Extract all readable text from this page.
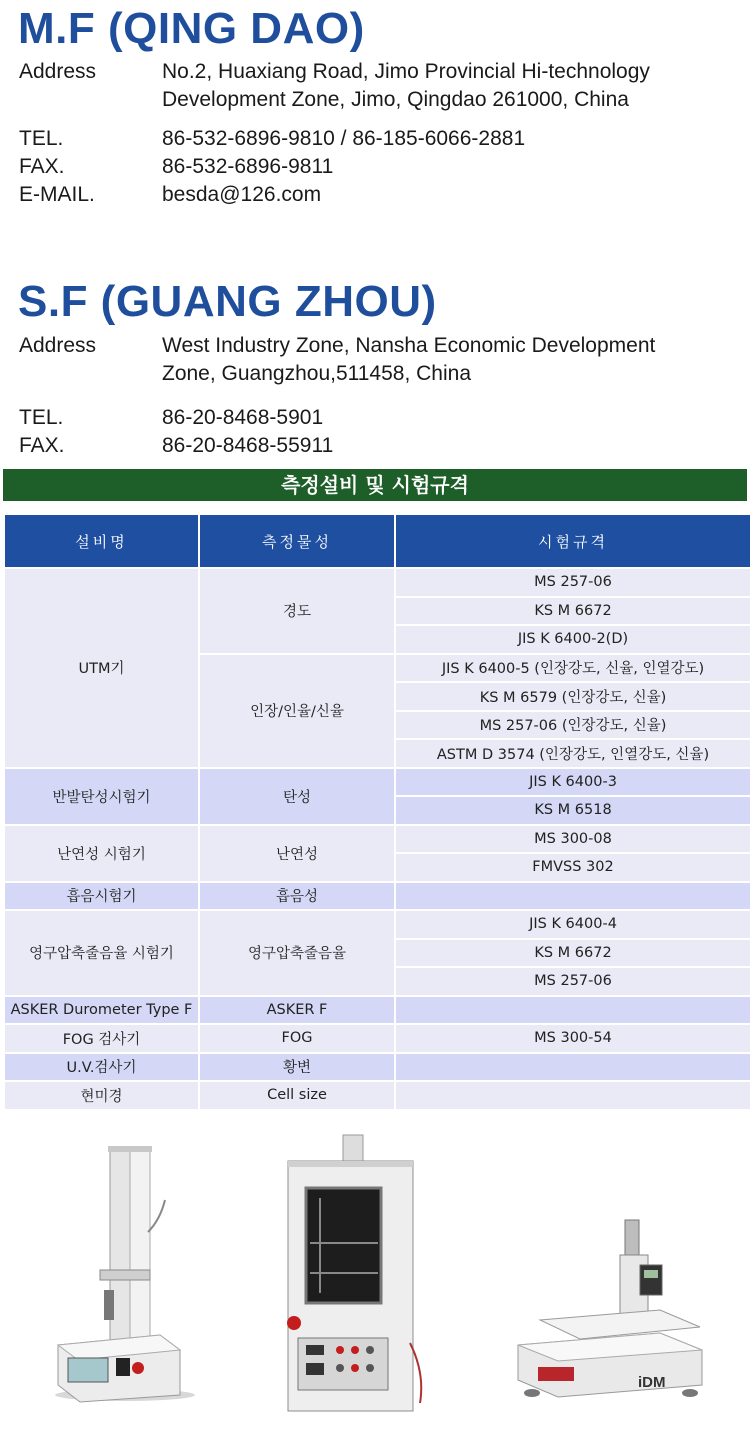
M.F (QING DAO)
Address	No.2, Huaxiang Road, Jimo Provincial Hi-technology
Development Zone, Jimo, Qingdao 261000, China
TEL.	86-532-6896-9810 / 86-185-6066-2881
FAX.	86-532-6896-9811
E-MAIL.	besda@126.com
S.F (GUANG ZHOU)
Address	West Industry Zone, Nansha Economic Development
Zone, Guangzhou,511458, China
TEL.	86-20-8468-5901
FAX.	86-20-8468-55911
측정설비 및 시험규격
설비명	측정물성	시험규격
UTM기	경도	MS 257-06
		KS M 6672
		JIS K 6400-2(D)
	인장/인율/신율	JIS K 6400-5 (인장강도, 신율, 인열강도)
		KS M 6579 (인장강도, 신율)
		MS 257-06 (인장강도, 신율)
		ASTM D 3574 (인장강도, 인열강도, 신율)
반발탄성시험기	탄성	JIS K 6400-3
		KS M 6518
난연성 시험기	난연성	MS 300-08
		FMVSS 302
흡음시험기	흡음성	
영구압축줄음율 시험기	영구압축줄음율	JIS K 6400-4
		KS M 6672
		MS 257-06
ASKER Durometer Type F	ASKER F	
FOG 검사기	FOG	MS 300-54
U.V.검사기	황변	
현미경	Cell size	
iDM
